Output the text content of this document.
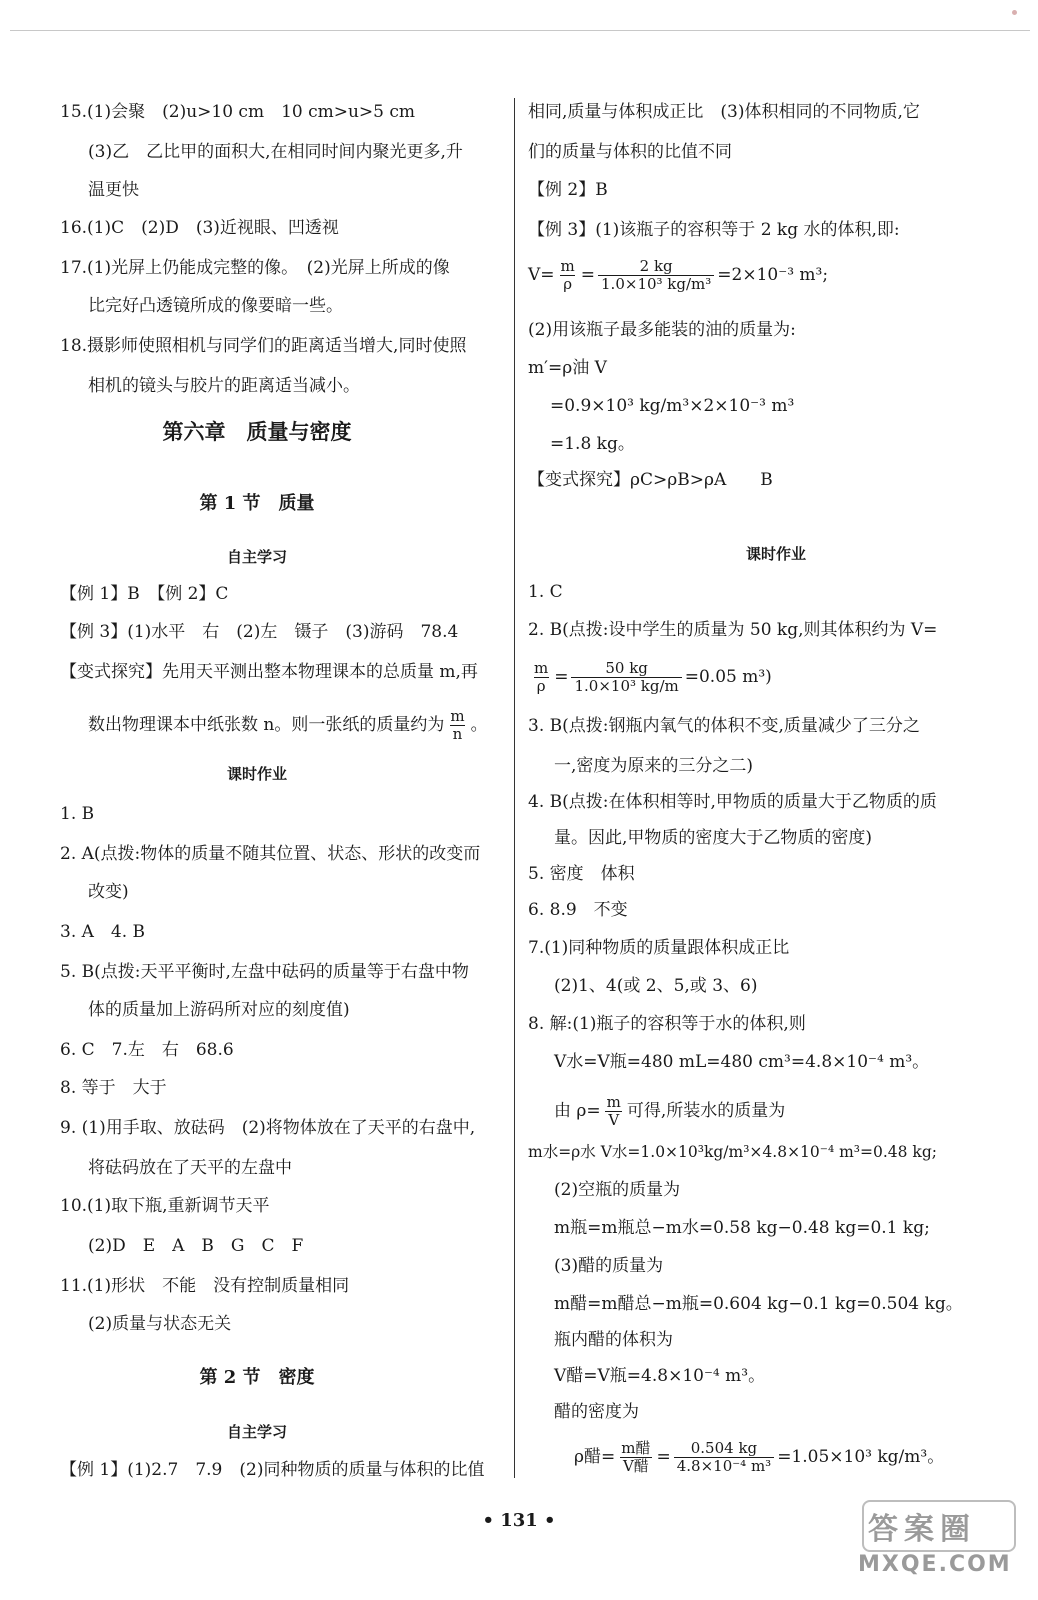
15.(1)会聚　(2)u>10 cm　10 cm>u>5 cm
(3)乙　乙比甲的面积大,在相同时间内聚光更多,升
温更快
16.(1)C　(2)D　(3)近视眼、凹透视
17.(1)光屏上仍能成完整的像。　(2)光屏上所成的像
比完好凸透镜所成的像要暗一些。
18.摄影师使照相机与同学们的距离适当增大,同时使照
相机的镜头与胶片的距离适当减小。
第六章　质量与密度
第 1 节　质量
自主学习
【例 1】B　【例 2】C
【例 3】(1)水平　右　(2)左　镊子　(3)游码　78.4
【变式探究】先用天平测出整本物理课本的总质量 m,再
数出物理课本中纸张数 n。则一张纸的质量约为 $\frac{m}{n}$ 。
课时作业
1. B
2. A(点拨:物体的质量不随其位置、状态、形状的改变而
改变)
3. A　4. B
5. B(点拨:天平平衡时,左盘中砝码的质量等于右盘中物
体的质量加上游码所对应的刻度值)
6. C　7.左　右　68.6
8. 等于　大于
9. (1)用手取、放砝码　(2)将物体放在了天平的右盘中,
将砝码放在了天平的左盘中
10.(1)取下瓶,重新调节天平
(2)D　E　A　B　G　C　F
11.(1)形状　不能　没有控制质量相同
(2)质量与状态无关
第 2 节　密度
自主学习
【例 1】(1)2.7　7.9　(2)同种物质的质量与体积的比值
相同,质量与体积成正比　(3)体积相同的不同物质,它
们的质量与体积的比值不同
【例 2】B
【例 3】(1)该瓶子的容积等于 2 kg 水的体积,即:
$V= \frac{m}{\rho} = \frac{2 kg}{\text{1.0×10³ kg/m³}} =2\times 10^{-3}$ m³;
(2)用该瓶子最多能装的油的质量为:
m′=ρ油 V
=0.9×10³ kg/m³×2×10⁻³ m³
=1.8 kg。
【变式探究】ρC>ρB>ρA　　B
课时作业
1. C
2. B(点拨:设中学生的质量为 50 kg,则其体积约为 V=
$\frac{m}{\rho} = \frac{50 kg}{\text{1.0×10³ kg/m}} =0.05$ m³)
3. B(点拨:钢瓶内氧气的体积不变,质量减少了三分之
一,密度为原来的三分之二)
4. B(点拨:在体积相等时,甲物质的质量大于乙物质的质
量。因此,甲物质的密度大于乙物质的密度)
5. 密度　体积
6. 8.9　不变
7.(1)同种物质的质量跟体积成正比
(2)1、4(或 2、5,或 3、6)
8. 解:(1)瓶子的容积等于水的体积,则
V水=V瓶=480 mL=480 cm³=4.8×10⁻⁴ m³。
由 $\rho= \frac{m}{V}$ 可得,所装水的质量为
m水=ρ水 V水=1.0×10³kg/m³×4.8×10⁻⁴ m³=0.48 kg;
(2)空瓶的质量为
m瓶=m瓶总−m水=0.58 kg−0.48 kg=0.1 kg;
(3)醋的质量为
m醋=m醋总−m瓶=0.604 kg−0.1 kg=0.504 kg。
瓶内醋的体积为
V醋=V瓶=4.8×10⁻⁴ m³。
醋的密度为
ρ醋= $\frac{\text{m醋}}{\text{V醋}} = \frac{0.504 kg}{\text{4.8×10⁻⁴ m³}} =1.05\times 10^3$ kg/m³。
• 131 •	答案圈
MXQE.COM
